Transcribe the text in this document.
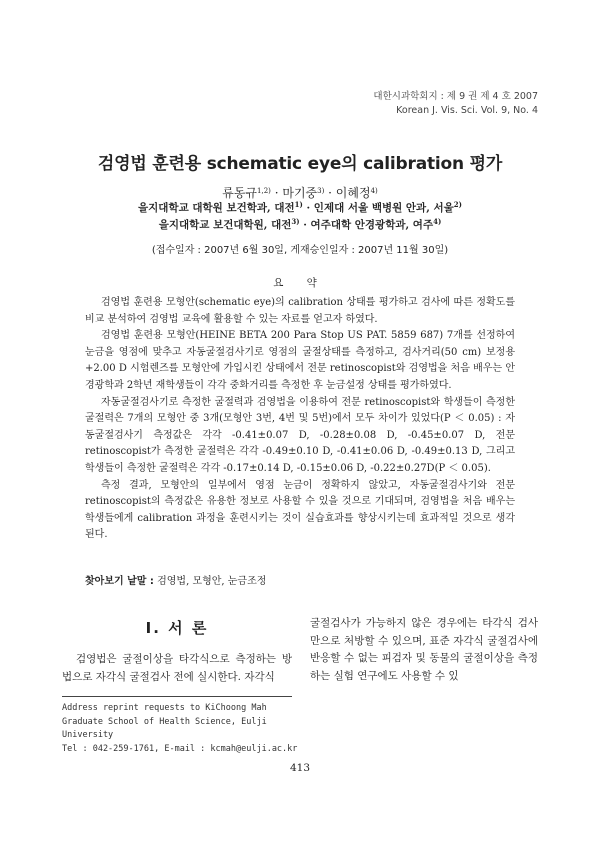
대한시과학회지 : 제 9 권 제 4 호 2007
Korean J. Vis. Sci. Vol. 9, No. 4
검영법 훈련용 schematic eye의 calibration 평가
류동규$^{1,2)}$ · 마기중$^{3)}$ · 이혜정$^{4)}$
을지대학교 대학원 보건학과, 대전$^{1)}$ · 인제대 서울 백병원 안과, 서울$^{2)}$
을지대학교 보건대학원, 대전$^{3)}$ · 여주대학 안경광학과, 여주$^{4)}$
(접수일자 : 2007년 6월 30일, 게재승인일자 : 2007년 11월 30일)
요 약

검영법 훈련용 모형안(schematic eye)의 calibration 상태를 평가하고 검사에 따른 정확도를 비교 분석하여 검영법 교육에 활용할 수 있는 자료를 얻고자 하였다.

검영법 훈련용 모형안(HEINE BETA 200 Para Stop US PAT. 5859 687) 7개를 선정하여 눈금을 영점에 맞추고 자동굴절검사기로 영점의 굴절상태를 측정하고, 검사거리(50 cm) 보정용 +2.00 D 시험렌즈를 모형안에 가입시킨 상태에서 전문 retinoscopist와 검영법을 처음 배우는 안경광학과 2학년 재학생들이 각각 중화거리를 측정한 후 눈금설정 상태를 평가하였다.

자동굴절검사기로 측정한 굴절력과 검영법을 이용하여 전문 retinoscopist와 학생들이 측정한 굴절력은 7개의 모형안 중 3개(모형안 3번, 4번 및 5번)에서 모두 차이가 있었다(P ＜ 0.05) : 자동굴절검사기 측정값은 각각 -0.41±0.07 D, -0.28±0.08 D, -0.45±0.07 D, 전문 retinoscopist가 측정한 굴절력은 각각 -0.49±0.10 D, -0.41±0.06 D, -0.49±0.13 D, 그리고 학생들이 측정한 굴절력은 각각 -0.17±0.14 D, -0.15±0.06 D, -0.22±0.27D(P ＜ 0.05).

측정 결과, 모형안의 일부에서 영점 눈금이 정확하지 않았고, 자동굴절검사기와 전문 retinoscopist의 측정값은 유용한 정보로 사용할 수 있을 것으로 기대되며, 검영법을 처음 배우는 학생들에게 calibration 과정을 훈련시키는 것이 실습효과를 향상시키는데 효과적일 것으로 생각된다.

찾아보기 낱말 : 검영법, 모형안, 눈금조정
I. 서 론

검영법은 굴절이상을 타각식으로 측정하는 방법으로 자각식 굴절검사 전에 실시한다. 자각식

굴절검사가 가능하지 않은 경우에는 타각식 검사만으로 처방할 수 있으며, 표준 자각식 굴절검사에 반응할 수 없는 피검자 및 동물의 굴절이상을 측정하는 실험 연구에도 사용할 수 있

Address reprint requests to KiChoong Mah
Graduate School of Health Science, Eulji University
Tel : 042-259-1761, E-mail : kcmah@eulji.ac.kr
413
